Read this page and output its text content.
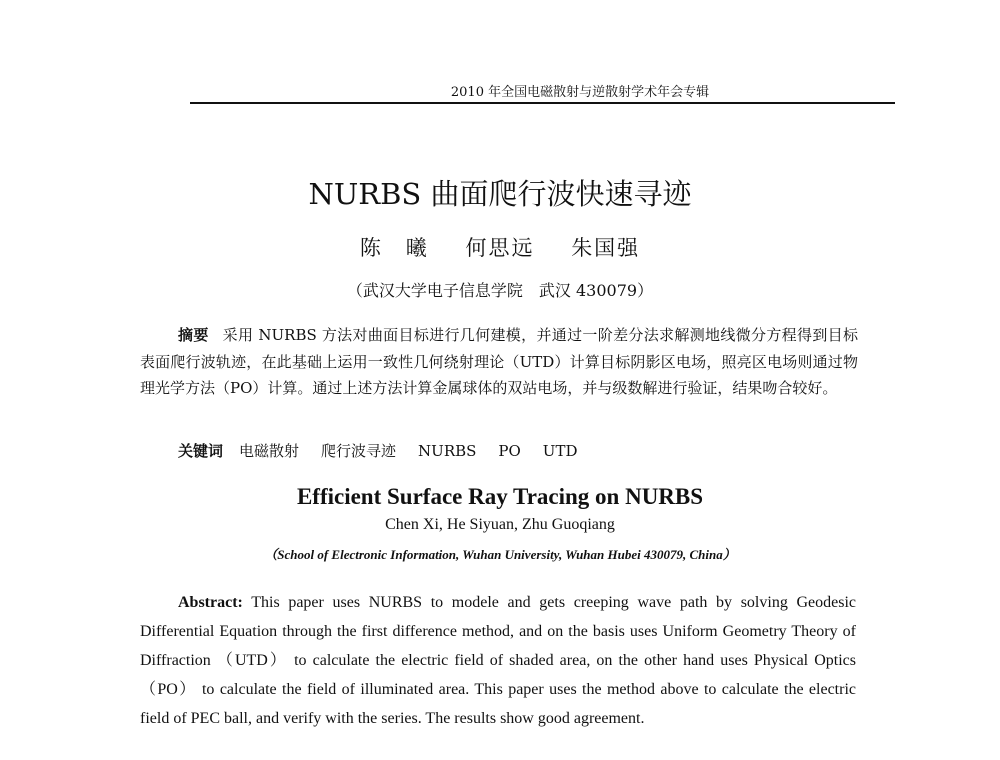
2010 年全国电磁散射与逆散射学术年会专辑
NURBS 曲面爬行波快速寻迹
陈　曦 何思远 朱国强
（武汉大学电子信息学院　武汉 430079）
摘要 采用 NURBS 方法对曲面目标进行几何建模，并通过一阶差分法求解测地线微分方程得到目标表面爬行波轨迹，在此基础上运用一致性几何绕射理论（UTD）计算目标阴影区电场，照亮区电场则通过物理光学方法（PO）计算。通过上述方法计算金属球体的双站电场，并与级数解进行验证，结果吻合较好。
关键词 电磁散射 爬行波寻迹 NURBS PO UTD
Efficient Surface Ray Tracing on NURBS
Chen Xi, He Siyuan, Zhu Guoqiang
（School of Electronic Information, Wuhan University, Wuhan Hubei 430079, China）
Abstract: This paper uses NURBS to modele and gets creeping wave path by solving Geodesic Differential Equation through the first difference method, and on the basis uses Uniform Geometry Theory of Diffraction （UTD） to calculate the electric field of shaded area, on the other hand uses Physical Optics （PO） to calculate the field of illuminated area. This paper uses the method above to calculate the electric field of PEC ball, and verify with the series. The results show good agreement.
